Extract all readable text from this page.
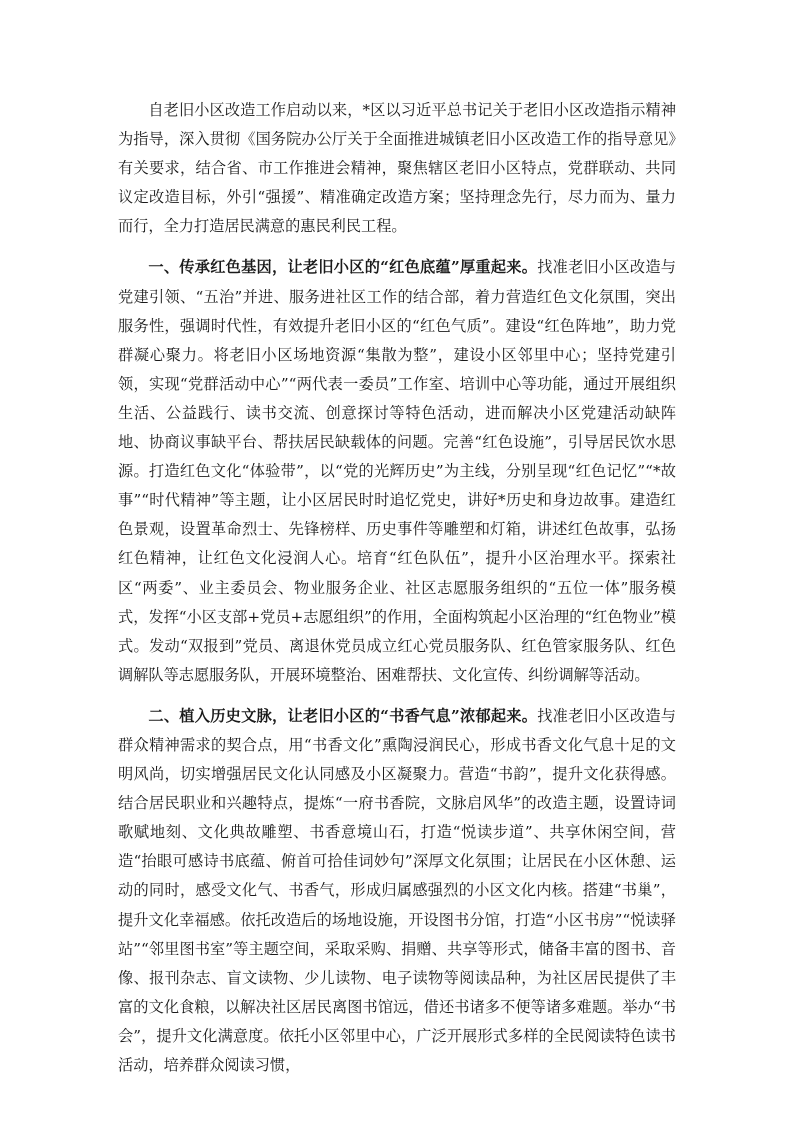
自老旧小区改造工作启动以来，*区以习近平总书记关于老旧小区改造指示精神为指导，深入贯彻《国务院办公厅关于全面推进城镇老旧小区改造工作的指导意见》有关要求，结合省、市工作推进会精神，聚焦辖区老旧小区特点，党群联动、共同议定改造目标，外引“强援”、精准确定改造方案；坚持理念先行，尽力而为、量力而行，全力打造居民满意的惠民利民工程。

一、传承红色基因，让老旧小区的“红色底蕴”厚重起来。找准老旧小区改造与党建引领、“五治”并进、服务进社区工作的结合部，着力营造红色文化氛围，突出服务性，强调时代性，有效提升老旧小区的“红色气质”。建设“红色阵地”，助力党群凝心聚力。将老旧小区场地资源“集散为整”，建设小区邻里中心；坚持党建引领，实现“党群活动中心”“两代表一委员”工作室、培训中心等功能，通过开展组织生活、公益践行、读书交流、创意探讨等特色活动，进而解决小区党建活动缺阵地、协商议事缺平台、帮扶居民缺载体的问题。完善“红色设施”，引导居民饮水思源。打造红色文化“体验带”，以“党的光辉历史”为主线，分别呈现“红色记忆”“*故事”“时代精神”等主题，让小区居民时时追忆党史，讲好*历史和身边故事。建造红色景观，设置革命烈士、先锋榜样、历史事件等雕塑和灯箱，讲述红色故事，弘扬红色精神，让红色文化浸润人心。培育“红色队伍”，提升小区治理水平。探索社区“两委”、业主委员会、物业服务企业、社区志愿服务组织的“五位一体”服务模式，发挥“小区支部+党员+志愿组织”的作用，全面构筑起小区治理的“红色物业”模式。发动“双报到”党员、离退休党员成立红心党员服务队、红色管家服务队、红色调解队等志愿服务队，开展环境整治、困难帮扶、文化宣传、纠纷调解等活动。

二、植入历史文脉，让老旧小区的“书香气息”浓郁起来。找准老旧小区改造与群众精神需求的契合点，用“书香文化”熏陶浸润民心，形成书香文化气息十足的文明风尚，切实增强居民文化认同感及小区凝聚力。营造“书韵”，提升文化获得感。结合居民职业和兴趣特点，提炼“一府书香院，文脉启风华”的改造主题，设置诗词歌赋地刻、文化典故雕塑、书香意境山石，打造“悦读步道”、共享休闲空间，营造“抬眼可感诗书底蕴、俯首可拾佳词妙句”深厚文化氛围；让居民在小区休憩、运动的同时，感受文化气、书香气，形成归属感强烈的小区文化内核。搭建“书巢”，提升文化幸福感。依托改造后的场地设施，开设图书分馆，打造“小区书房”“悦读驿站”“邻里图书室”等主题空间，采取采购、捐赠、共享等形式，储备丰富的图书、音像、报刊杂志、盲文读物、少儿读物、电子读物等阅读品种，为社区居民提供了丰富的文化食粮，以解决社区居民离图书馆远，借还书诸多不便等诸多难题。举办“书会”，提升文化满意度。依托小区邻里中心，广泛开展形式多样的全民阅读特色读书活动，培养群众阅读习惯，
